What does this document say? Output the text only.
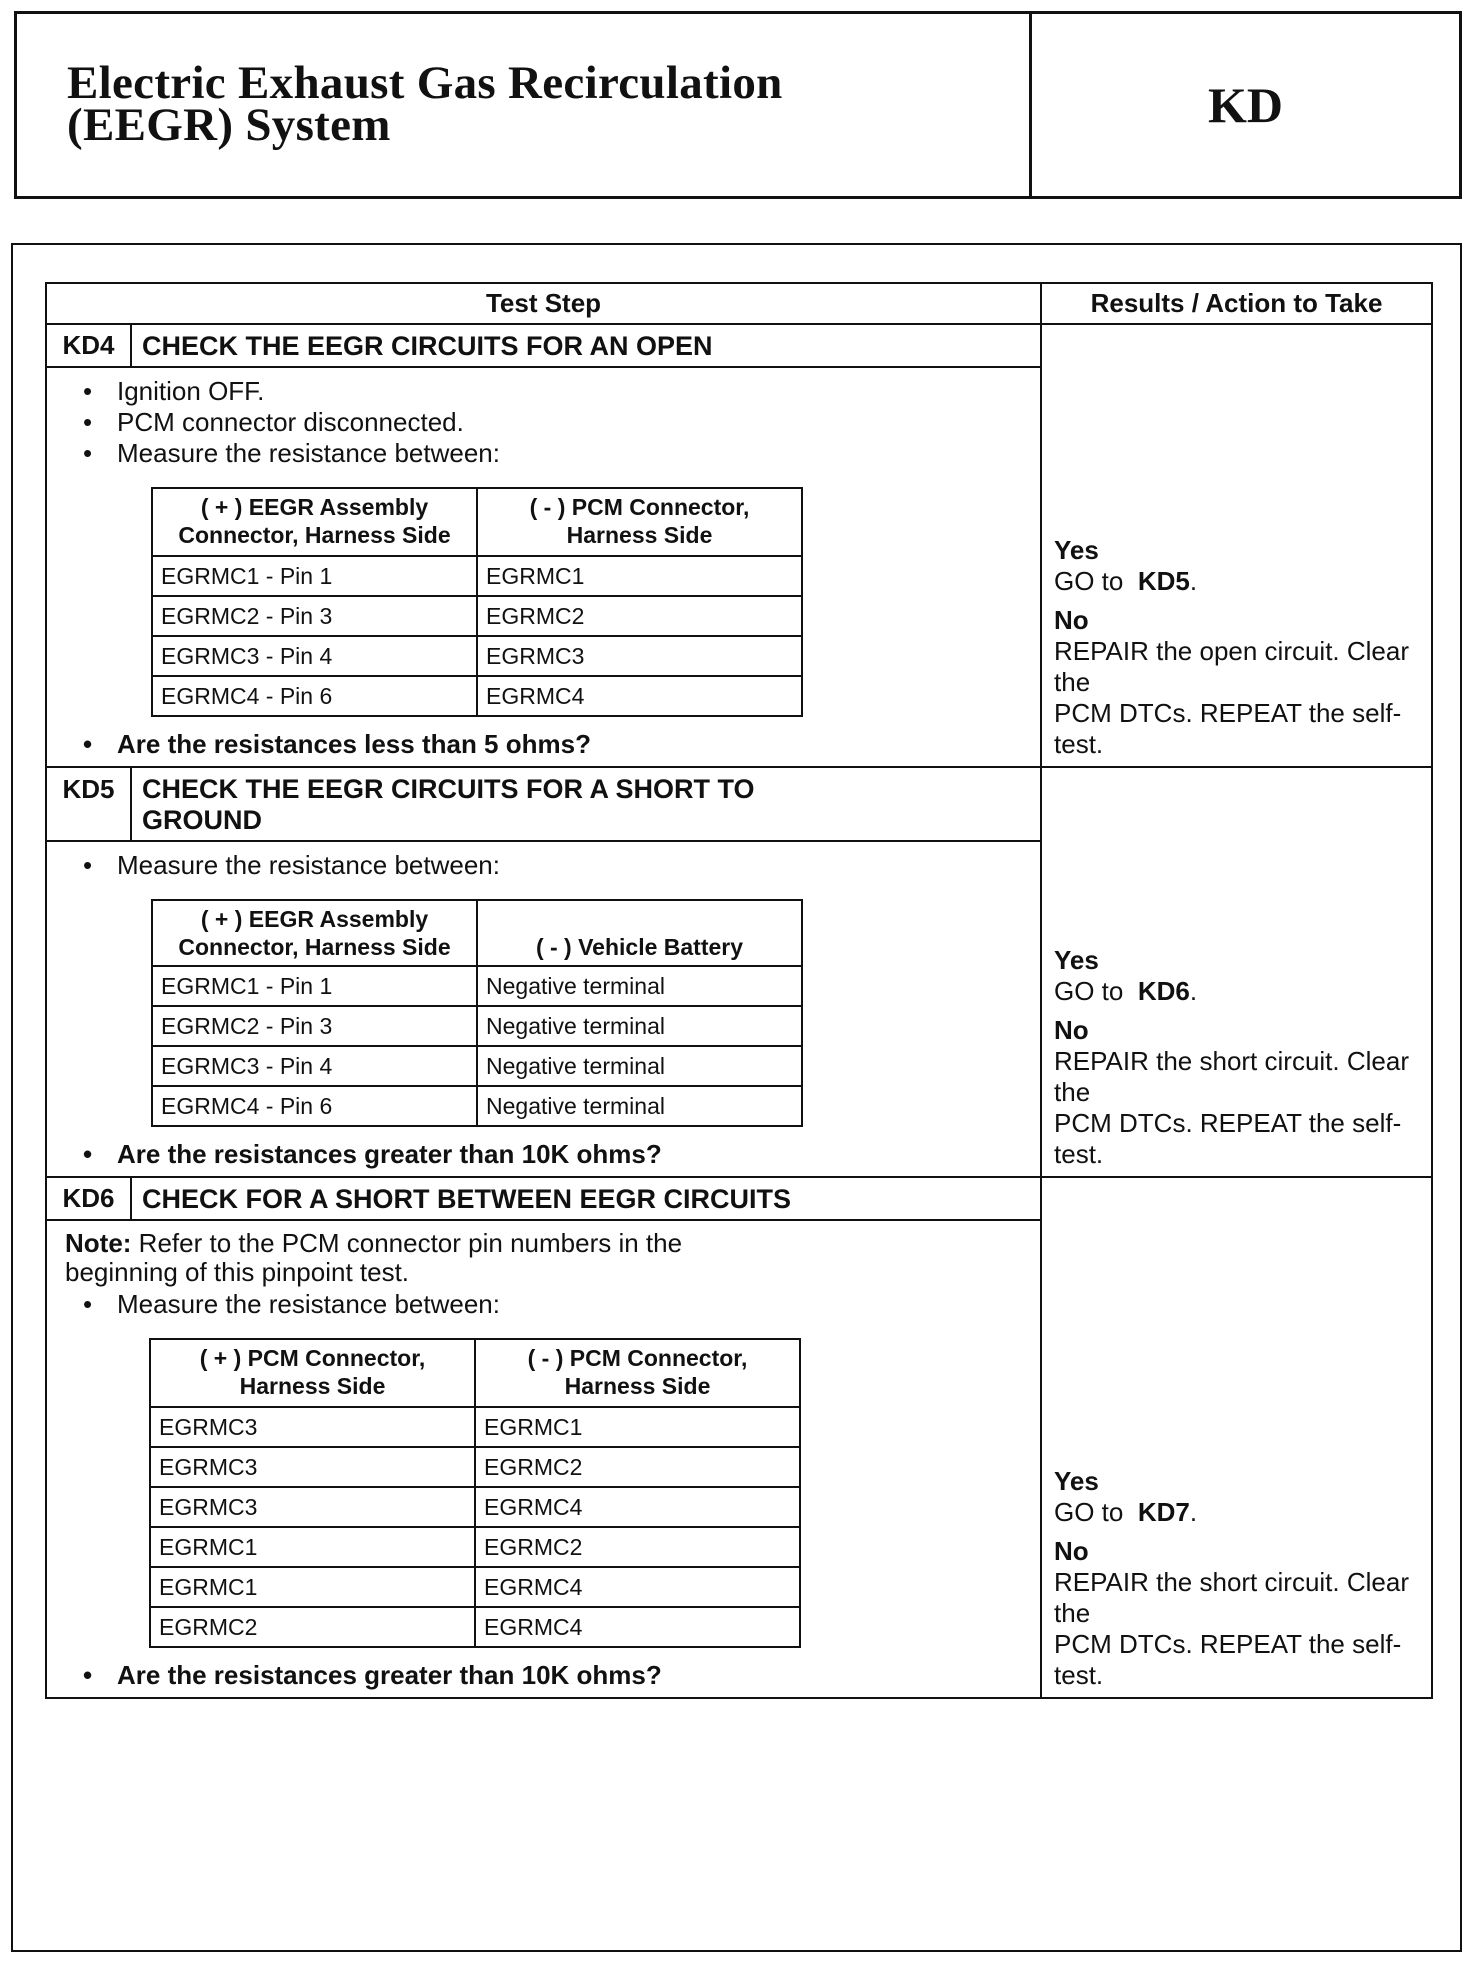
Electric Exhaust Gas Recirculation
(EEGR) System	KD
Test Step	Results / Action to Take
KD4	CHECK THE EEGR CIRCUITS FOR AN OPEN	
Yes
GO to KD5.
No
REPAIR the open circuit. Clear the
PCM DTCs. REPEAT the self-test.

• Ignition OFF.
• PCM connector disconnected.
• Measure the resistance between:
( + ) EEGR Assembly Connector, Harness Side	( - ) PCM Connector, Harness Side
EGRMC1 - Pin 1	EGRMC1
EGRMC2 - Pin 3	EGRMC2
EGRMC3 - Pin 4	EGRMC3
EGRMC4 - Pin 6	EGRMC4
• Are the resistances less than 5 ohms?

KD5	CHECK THE EEGR CIRCUITS FOR A SHORT TO
GROUND

Yes
GO to KD6.
No
REPAIR the short circuit. Clear the
PCM DTCs. REPEAT the self-test.

• Measure the resistance between:
( + ) EEGR Assembly Connector, Harness Side	( - ) Vehicle Battery
EGRMC1 - Pin 1	Negative terminal
EGRMC2 - Pin 3	Negative terminal
EGRMC3 - Pin 4	Negative terminal
EGRMC4 - Pin 6	Negative terminal
• Are the resistances greater than 10K ohms?

KD6	CHECK FOR A SHORT BETWEEN EEGR CIRCUITS	
Yes
GO to KD7.
No
REPAIR the short circuit. Clear the
PCM DTCs. REPEAT the self-test.

Note: Refer to the PCM connector pin numbers in the
beginning of this pinpoint test.
• Measure the resistance between:
( + ) PCM Connector, Harness Side	( - ) PCM Connector, Harness Side
EGRMC3	EGRMC1
EGRMC3	EGRMC2
EGRMC3	EGRMC4
EGRMC1	EGRMC2
EGRMC1	EGRMC4
EGRMC2	EGRMC4
• Are the resistances greater than 10K ohms?
